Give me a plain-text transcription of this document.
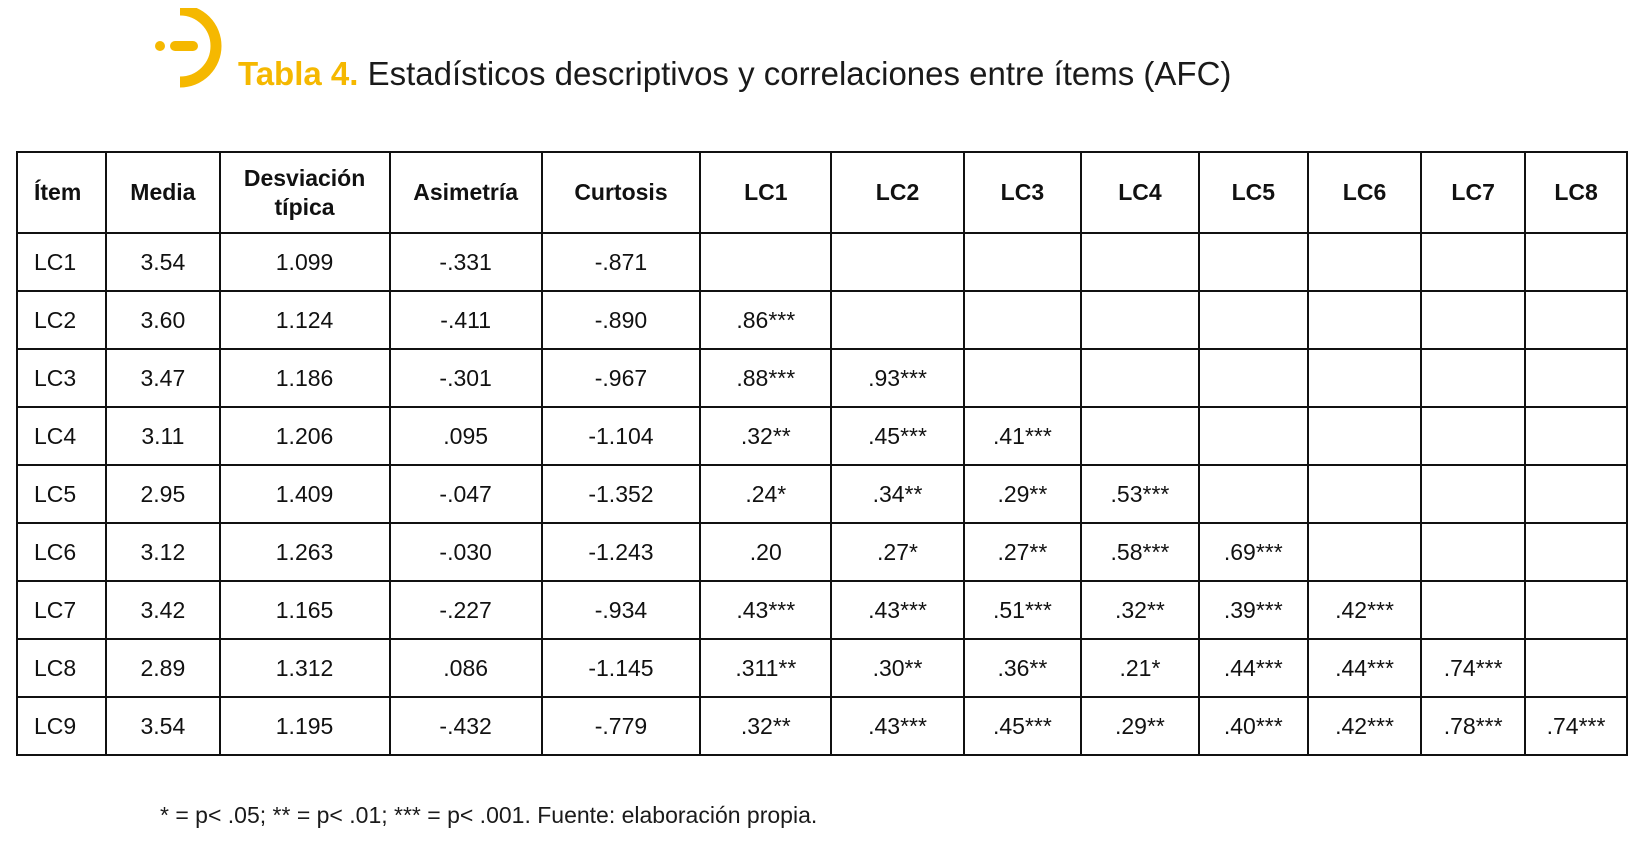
Tabla 4. Estadísticos descriptivos y correlaciones entre ítems (AFC)
Ítem	Media	Desviación típica	Asimetría	Curtosis	LC1	LC2	LC3	LC4	LC5	LC6	LC7	LC8
LC1	3.54	1.099	-.331	-.871								
LC2	3.60	1.124	-.411	-.890	.86***							
LC3	3.47	1.186	-.301	-.967	.88***	.93***						
LC4	3.11	1.206	.095	-1.104	.32**	.45***	.41***					
LC5	2.95	1.409	-.047	-1.352	.24*	.34**	.29**	.53***				
LC6	3.12	1.263	-.030	-1.243	.20	.27*	.27**	.58***	.69***			
LC7	3.42	1.165	-.227	-.934	.43***	.43***	.51***	.32**	.39***	.42***		
LC8	2.89	1.312	.086	-1.145	.311**	.30**	.36**	.21*	.44***	.44***	.74***	
LC9	3.54	1.195	-.432	-.779	.32**	.43***	.45***	.29**	.40***	.42***	.78***	.74***
* = p< .05; ** = p< .01; *** = p< .001. Fuente: elaboración propia.
